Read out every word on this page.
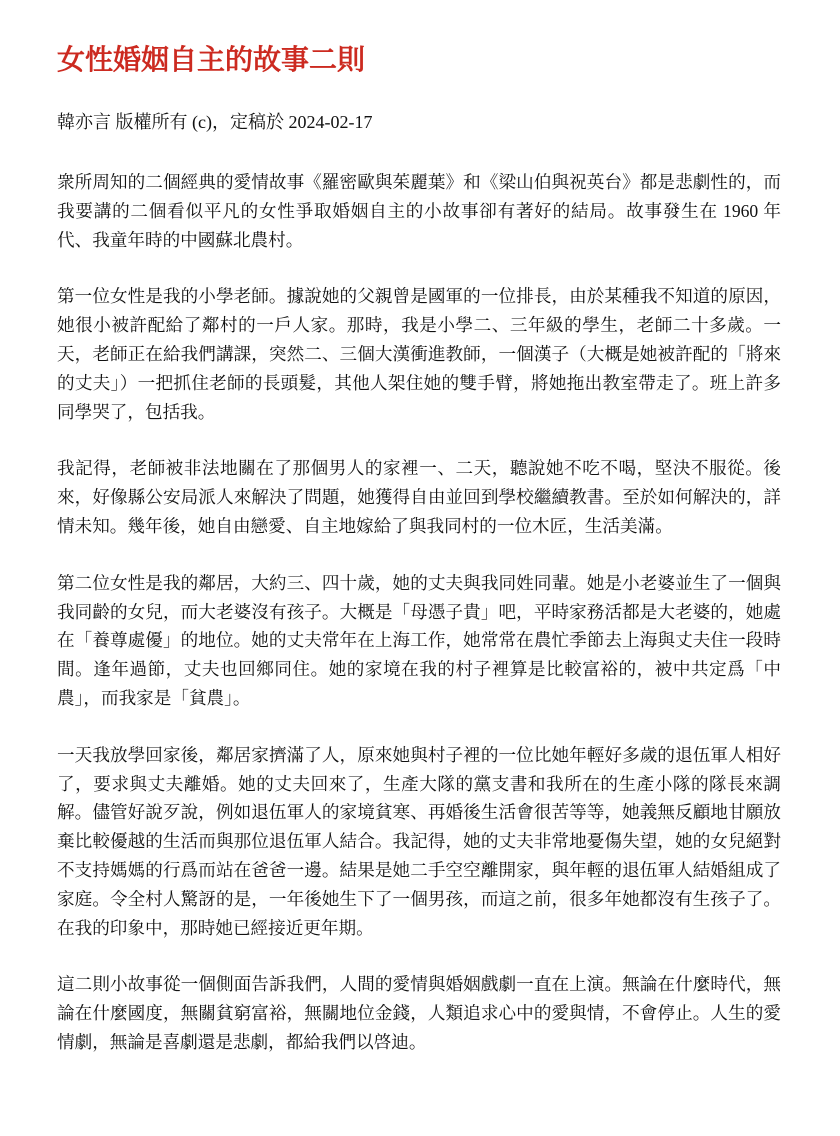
女性婚姻自主的故事二則
韓亦言 版權所有 (c)，定稿於 2024-02-17

衆所周知的二個經典的愛情故事《羅密歐與茱麗葉》和《梁山伯與祝英台》都是悲劇性的，而我要講的二個看似平凡的女性爭取婚姻自主的小故事卻有著好的結局。故事發生在 1960 年代、我童年時的中國蘇北農村。

第一位女性是我的小學老師。據說她的父親曾是國軍的一位排長，由於某種我不知道的原因，她很小被許配給了鄰村的一戶人家。那時，我是小學二、三年級的學生，老師二十多歲。一天，老師正在給我們講課，突然二、三個大漢衝進教師，一個漢子（大概是她被許配的「將來的丈夫」）一把抓住老師的長頭髮，其他人架住她的雙手臂，將她拖出教室帶走了。班上許多同學哭了，包括我。

我記得，老師被非法地關在了那個男人的家裡一、二天，聽說她不吃不喝，堅決不服從。後來，好像縣公安局派人來解決了問題，她獲得自由並回到學校繼續教書。至於如何解決的，詳情未知。幾年後，她自由戀愛、自主地嫁給了與我同村的一位木匠，生活美滿。

第二位女性是我的鄰居，大約三、四十歲，她的丈夫與我同姓同輩。她是小老婆並生了一個與我同齡的女兒，而大老婆沒有孩子。大概是「母憑子貴」吧，平時家務活都是大老婆的，她處在「養尊處優」的地位。她的丈夫常年在上海工作，她常常在農忙季節去上海與丈夫住一段時間。逢年過節，丈夫也回鄉同住。她的家境在我的村子裡算是比較富裕的，被中共定爲「中農」，而我家是「貧農」。

一天我放學回家後，鄰居家擠滿了人，原來她與村子裡的一位比她年輕好多歲的退伍軍人相好了，要求與丈夫離婚。她的丈夫回來了，生產大隊的黨支書和我所在的生產小隊的隊長來調解。儘管好說歹說，例如退伍軍人的家境貧寒、再婚後生活會很苦等等，她義無反顧地甘願放棄比較優越的生活而與那位退伍軍人結合。我記得，她的丈夫非常地憂傷失望，她的女兒絕對不支持媽媽的行爲而站在爸爸一邊。結果是她二手空空離開家，與年輕的退伍軍人結婚組成了家庭。令全村人驚訝的是，一年後她生下了一個男孩，而這之前，很多年她都沒有生孩子了。在我的印象中，那時她已經接近更年期。

這二則小故事從一個側面告訴我們，人間的愛情與婚姻戲劇一直在上演。無論在什麼時代，無論在什麼國度，無關貧窮富裕，無關地位金錢，人類追求心中的愛與情，不會停止。人生的愛情劇，無論是喜劇還是悲劇，都給我們以啓迪。
